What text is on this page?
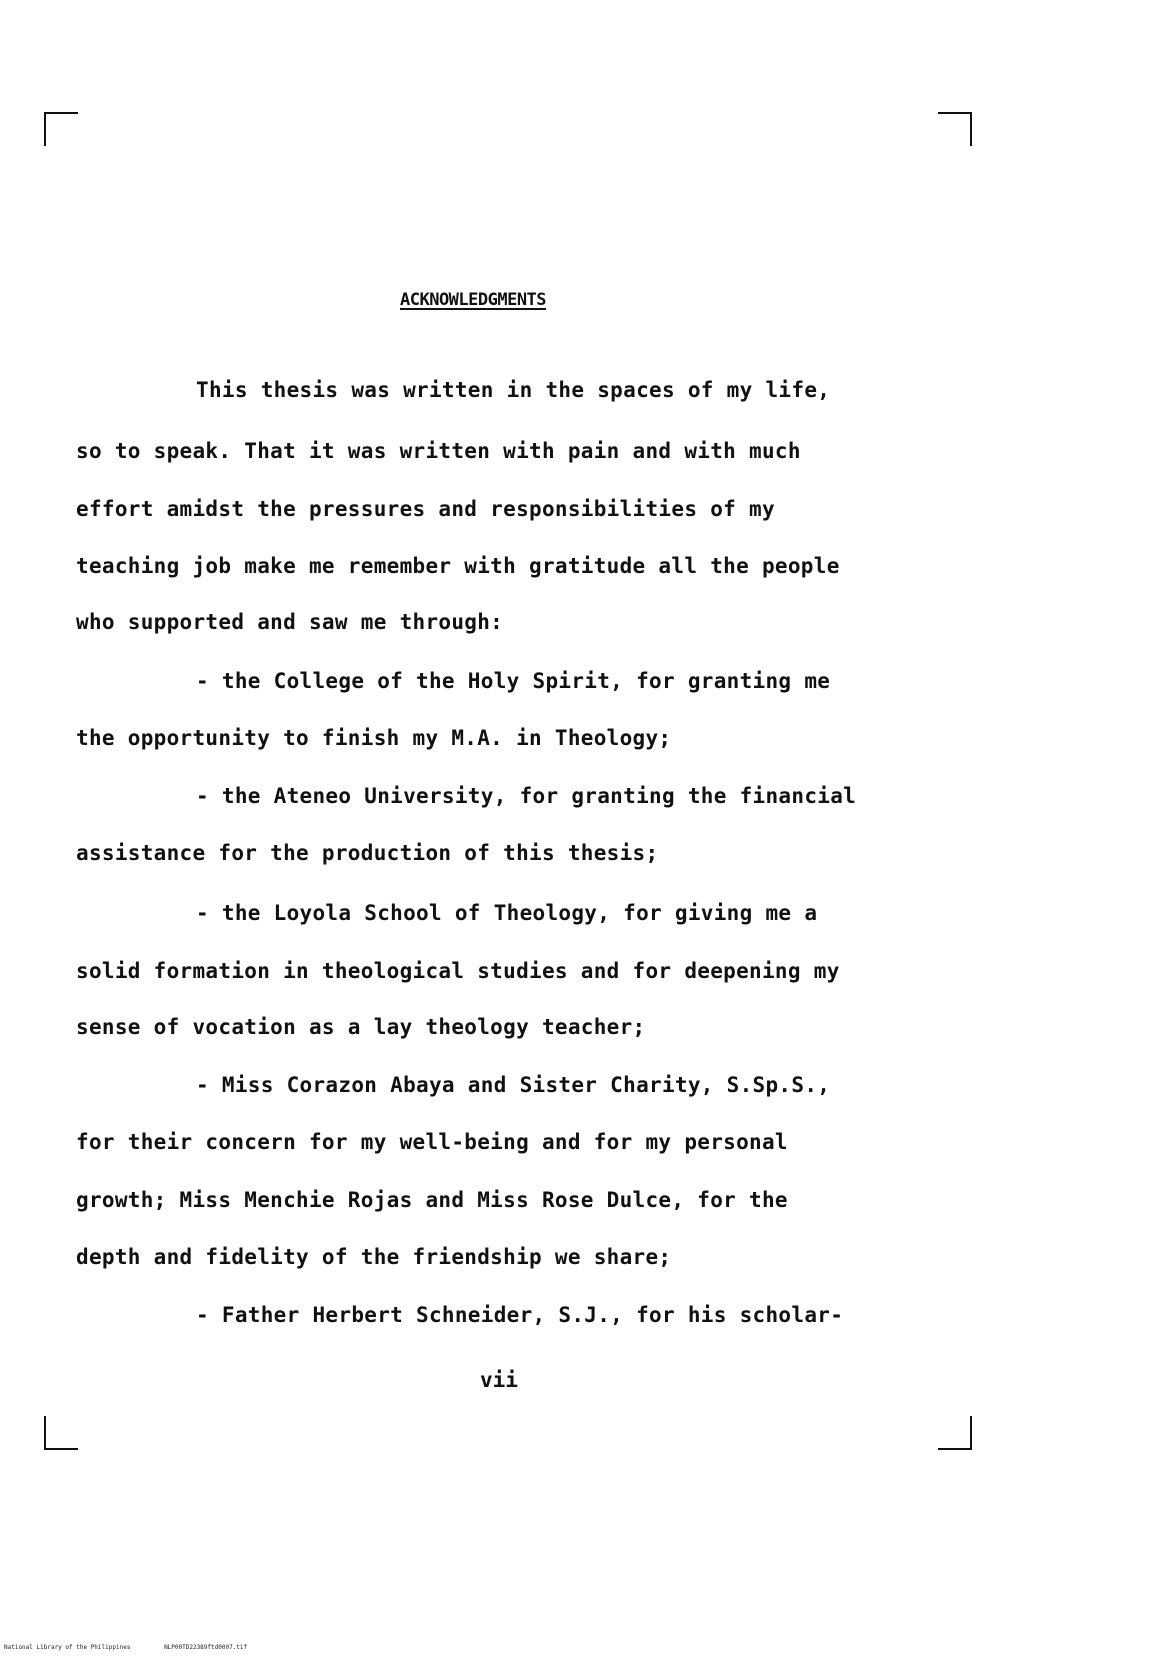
ACKNOWLEDGMENTS
This thesis was written in the spaces of my life,
so to speak. That it was written with pain and with much
effort amidst the pressures and responsibilities of my
teaching job make me remember with gratitude all the people
who supported and saw me through:
- the College of the Holy Spirit, for granting me
the opportunity to finish my M.A. in Theology;
- the Ateneo University, for granting the financial
assistance for the production of this thesis;
- the Loyola School of Theology, for giving me a
solid formation in theological studies and for deepening my
sense of vocation as a lay theology teacher;
- Miss Corazon Abaya and Sister Charity, S.Sp.S.,
for their concern for my well-being and for my personal
growth; Miss Menchie Rojas and Miss Rose Dulce, for the
depth and fidelity of the friendship we share;
- Father Herbert Schneider, S.J., for his scholar-
vii
National Library of the Philippines	NLP00TD22389ftd0007.tif
